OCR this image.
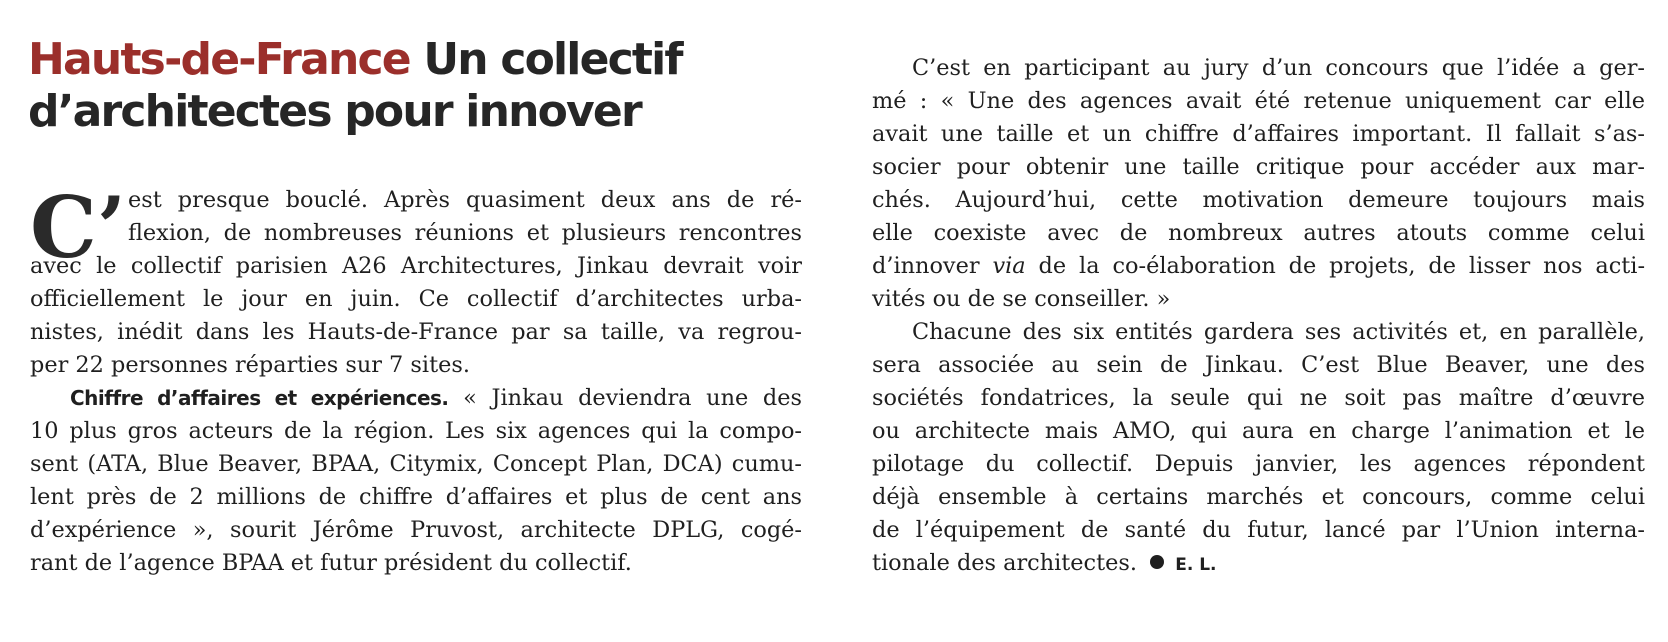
Hauts-de-France Un collectif
d’architectes pour innover
C’ est presque bouclé. Après quasiment deux ans de ré-
flexion, de nombreuses réunions et plusieurs rencontres
avec le collectif parisien A26 Architectures, Jinkau devrait voir
officiellement le jour en juin. Ce collectif d’architectes urba-
nistes, inédit dans les Hauts-de-France par sa taille, va regrou-
per 22 personnes réparties sur 7 sites.
Chiffre d’affaires et expériences. « Jinkau deviendra une des
10 plus gros acteurs de la région. Les six agences qui la compo-
sent (ATA, Blue Beaver, BPAA, Citymix, Concept Plan, DCA) cumu-
lent près de 2 millions de chiffre d’affaires et plus de cent ans
d’expérience », sourit Jérôme Pruvost, architecte DPLG, cogé-
rant de l’agence BPAA et futur président du collectif.
C’est en participant au jury d’un concours que l’idée a ger-
mé : « Une des agences avait été retenue uniquement car elle
avait une taille et un chiffre d’affaires important. Il fallait s’as-
socier pour obtenir une taille critique pour accéder aux mar-
chés. Aujourd’hui, cette motivation demeure toujours mais
elle coexiste avec de nombreux autres atouts comme celui
d’innover via de la co-élaboration de projets, de lisser nos acti-
vités ou de se conseiller. »
Chacune des six entités gardera ses activités et, en parallèle,
sera associée au sein de Jinkau. C’est Blue Beaver, une des
sociétés fondatrices, la seule qui ne soit pas maître d’œuvre
ou architecte mais AMO, qui aura en charge l’animation et le
pilotage du collectif. Depuis janvier, les agences répondent
déjà ensemble à certains marchés et concours, comme celui
de l’équipement de santé du futur, lancé par l’Union interna-
tionale des architectes. E. L.
